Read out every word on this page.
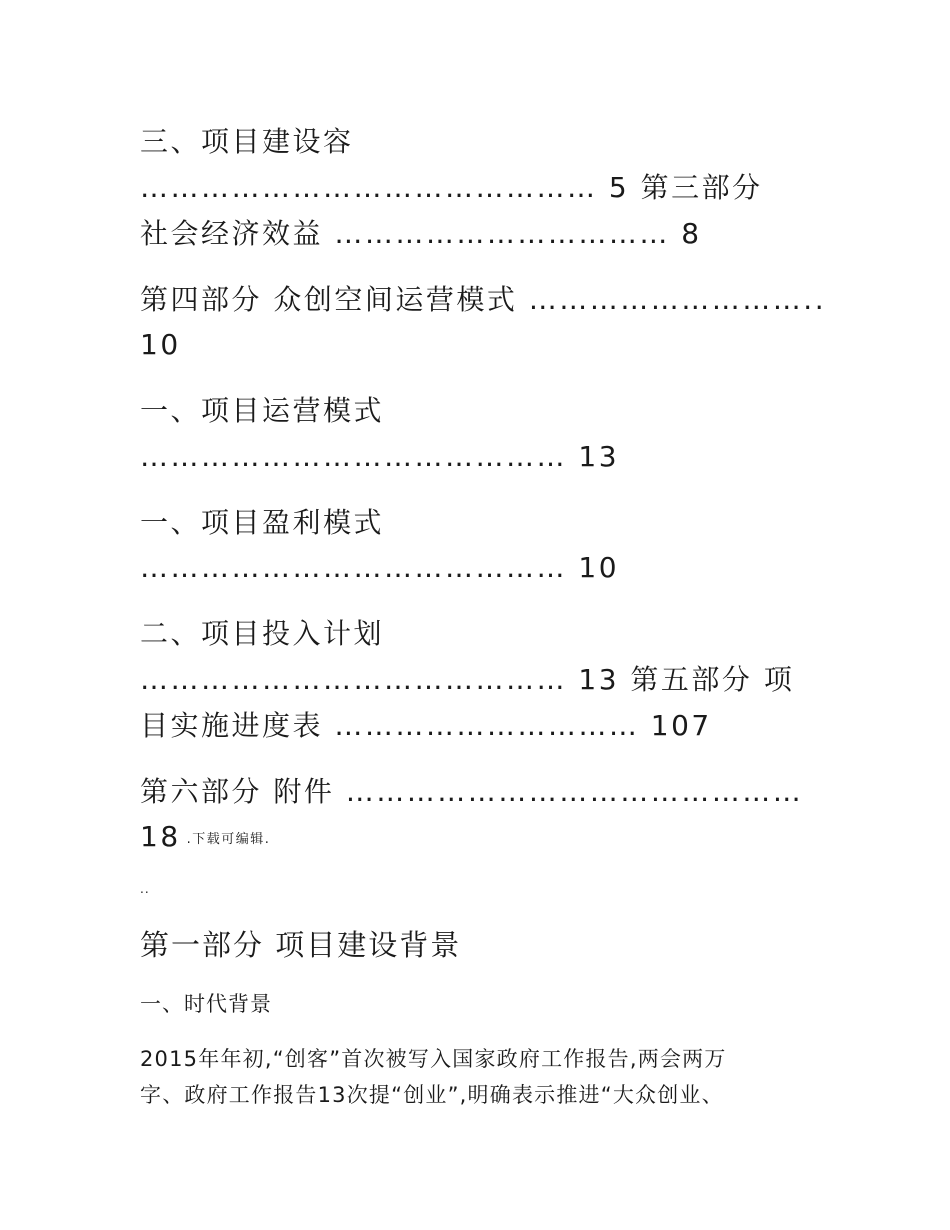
三、项目建设容
……………………………………… 5 第三部分
社会经济效益 …………………………… 8
第四部分 众创空间运营模式 ………………………..
10
一、项目运营模式
…………………………………… 13
一、项目盈利模式
…………………………………… 10
二、项目投入计划
…………………………………… 13 第五部分 项
目实施进度表 ………………………… 107
第六部分 附件 ………………………………………
18 .下载可编辑.
..
第一部分 项目建设背景
一、时代背景
2015年年初,“创客”首次被写入国家政府工作报告,两会两万
字、政府工作报告13次提“创业”,明确表示推进“大众创业、
